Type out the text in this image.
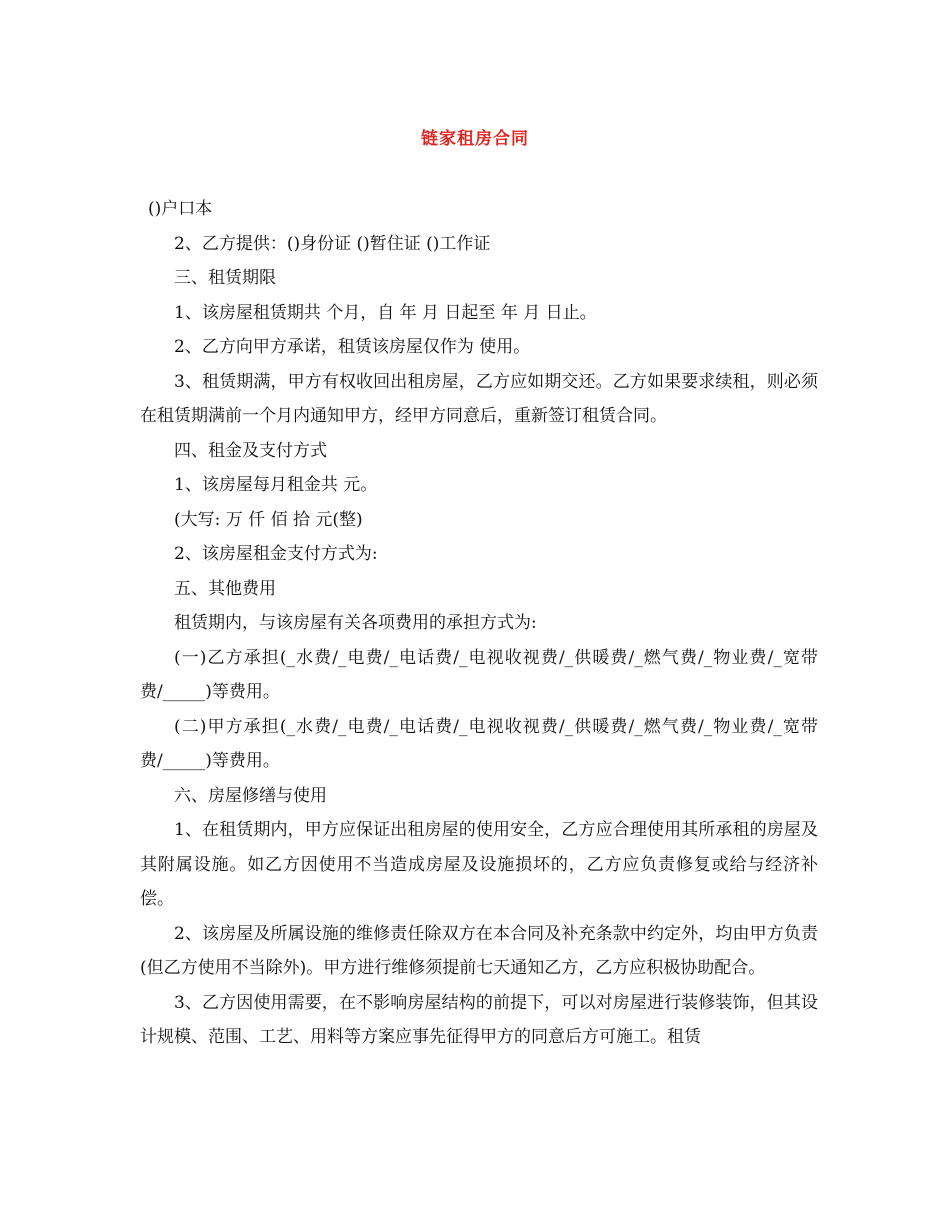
链家租房合同

()户口本

2、乙方提供：()身份证 ()暂住证 ()工作证

三、租赁期限

1、该房屋租赁期共 个月，自 年 月 日起至 年 月 日止。

2、乙方向甲方承诺，租赁该房屋仅作为 使用。

3、租赁期满，甲方有权收回出租房屋，乙方应如期交还。乙方如果要求续租，则必须在租赁期满前一个月内通知甲方，经甲方同意后，重新签订租赁合同。

四、租金及支付方式

1、该房屋每月租金共 元。

(大写: 万 仟 佰 拾 元(整)

2、该房屋租金支付方式为:

五、其他费用

租赁期内，与该房屋有关各项费用的承担方式为:

(一)乙方承担(_水费/_电费/_电话费/_电视收视费/_供暖费/_燃气费/_物业费/_宽带费/_____)等费用。

(二)甲方承担(_水费/_电费/_电话费/_电视收视费/_供暖费/_燃气费/_物业费/_宽带费/_____)等费用。

六、房屋修缮与使用

1、在租赁期内，甲方应保证出租房屋的使用安全，乙方应合理使用其所承租的房屋及其附属设施。如乙方因使用不当造成房屋及设施损坏的，乙方应负责修复或给与经济补偿。

2、该房屋及所属设施的维修责任除双方在本合同及补充条款中约定外，均由甲方负责(但乙方使用不当除外)。甲方进行维修须提前七天通知乙方，乙方应积极协助配合。

3、乙方因使用需要，在不影响房屋结构的前提下，可以对房屋进行装修装饰，但其设计规模、范围、工艺、用料等方案应事先征得甲方的同意后方可施工。租赁
